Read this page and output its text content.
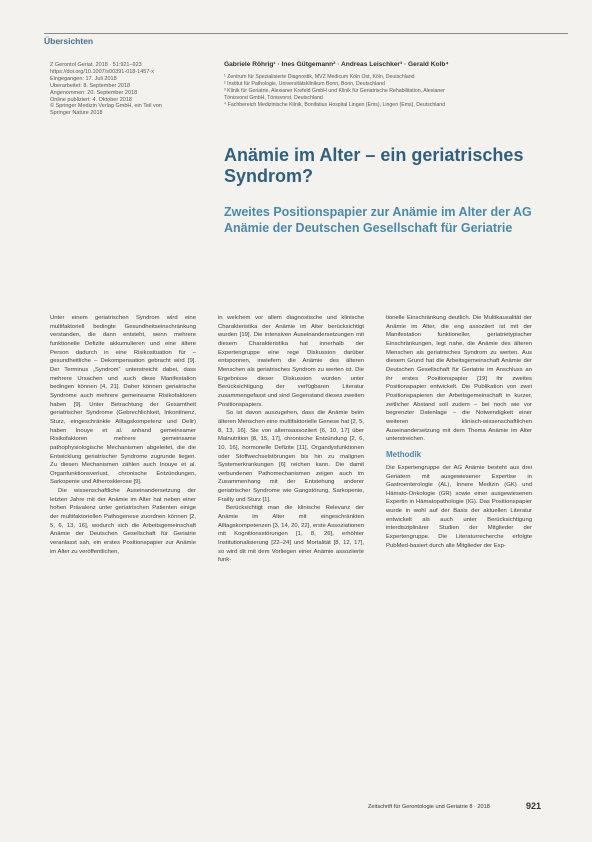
Übersichten
Z Gerontol Geriat. 2018 · 51:921–923
https://doi.org/10.1007/s00391-018-1457-x
Eingegangen: 17. Juli 2018
Überarbeitet: 8. September 2018
Angenommen: 20. September 2018
Online publiziert: 4. Oktober 2018
© Springer Medizin Verlag GmbH, ein Teil von
Springer Nature 2018
Gabriele Röhrig¹ · Ines Gütgemann² · Andreas Leischker³ · Gerald Kolb⁴
¹ Zentrum für Spezialisierte Diagnostik, MVZ Medicum Köln Ost, Köln, Deutschland
² Institut für Pathologie, Universitätsklinikum Bonn, Bonn, Deutschland
³ Klinik für Geriatrie, Alexianer Krefeld GmbH und Klinik für Geriatrische Rehabilitation, Alexianer
Tönisvorst GmbH, Tönisvorst, Deutschland
⁴ Fachbereich Medizinische Klinik, Bonifatius Hospital Lingen (Ems), Lingen (Ems), Deutschland
Anämie im Alter – ein geriatrisches Syndrom?
Zweites Positionspapier zur Anämie im Alter der AG Anämie der Deutschen Gesellschaft für Geriatrie

Unter einem geriatrischen Syndrom wird eine multifaktoriell bedingte Gesundheitseinschränkung verstanden, die dann entsteht, wenn mehrere funktionelle Defizite akkumulieren und eine ältere Person dadurch in eine Risikosituation für – gesundheitliche – Dekompensation gebracht wird [9]. Der Terminus „Syndrom“ unterstreicht dabei, dass mehrere Ursachen und auch diese Manifestation bedingen können [4, 21]. Daher können geriatrische Syndrome auch mehrere gemeinsame Risikofaktoren haben [9]. Unter Betrachtung der Gesamtheit geriatrischer Syndrome (Gebrechlichkeit, Inkontinenz, Sturz, eingeschränkte Alltagskompetenz und Delir) haben Inouye et al. anhand gemeinsamer Risikofaktoren mehrere gemeinsame pathophysiologische Mechanismen abgeleitet, die die Entwicklung geriatrischer Syndrome zugrunde liegen. Zu diesen Mechanismen zählen auch Inouye et al. Organfunktionsverlust, chronische Entzündungen, Sarkopenie und Atherosklerose [9].

Die wissenschaftliche Auseinandersetzung der letzten Jahre mit der Anämie im Alter hat neben einer hohen Prävalenz unter geriatrischen Patienten einige der multifaktoriellen Pathogenese zuordnen können [2, 5, 6, 13, 16], wodurch sich die Arbeitsgemeinschaft Anämie der Deutschen Gesellschaft für Geriatrie veranlasst sah, ein erstes Positionspapier zur Anämie im Alter zu veröffentlichen,

in welchem vor allem diagnostische und klinische Charakteristika der Anämie im Alter berücksichtigt wurden [19]. Die intensiven Auseinandersetzungen mit diesem Charakteristika hat innerhalb der Expertengruppe eine rege Diskussion darüber entsponnen, inwiefern die Anämie des älteren Menschen als geriatrisches Syndrom zu werten ist. Die Ergebnisse dieser Diskussion wurden unter Berücksichtigung der verfügbaren Literatur zusammengefasst und sind Gegenstand dieses zweiten Positionspapiers.

So ist davon auszugehen, dass die Anämie beim älteren Menschen eine multifaktorielle Genese hat [2, 5, 8, 13, 16]. Sie von alternsassoziiert [6, 10, 17] über Malnutrition [8, 15, 17], chronische Entzündung [2, 6, 10, 16], hormonelle Defizite [11], Organdysfunktionen oder Stoffwechselstörungen bis hin zu malignen Systemerkrankungen [6] reichen kann. Die damit verbundenen Pathomechanismen zeigen auch im Zusammenhang mit der Entstehung anderer geriatrischer Syndrome wie Gangstörung, Sarkopenie, Frailty und Sturz [1].

Berücksichtigt man die klinische Relevanz der Anämie im Alter mit eingeschränkten Alltagskompetenzen [3, 14, 20, 22], erste Assoziationen mit Kognitionsstörungen [1, 8, 26], erhöhter Institutionalisierung [22–24] und Mortalität [8, 12, 17], so wird dit mit dem Vorliegen einer Anämie assoziierte funk-

tionelle Einschränkung deutlich. Die Multikausalität der Anämie im Alter, die eng assoziiert ist mit der Manifestation funktioneller, geriatrietypischer Einschränkungen, legt nahe, die Anämie des älteren Menschen als geriatrisches Syndrom zu werten. Aus diesem Grund hat die Arbeitsgemeinschaft Anämie der Deutschen Gesellschaft für Geriatrie im Anschluss an ihr erstes Positionspapier [19] ihr zweites Positionspapier entwickelt. Die Publikation von zwei Positionspapieren der Arbeitsgemeinschaft in kurzer, zeitlicher Abstand soll zudem – bei noch wie vor begrenzter Datenlage – die Notwendigkeit einer weiteren klinisch-wissenschaftlichen Auseinandersetzung mit dem Thema Anämie im Alter unterstreichen.

Methodik

Die Expertengruppe der AG Anämie besteht aus drei Geriatern mit ausgewiesener Expertise in Gastroenterologie (AL), Innere Medizin (GK) und Hämato-Onkologie (GR) sowie einer ausgewiesenen Expertin in Hämatopathologie (IG). Das Positionspapier wurde in wohl auf der Basis der aktuellen Literatur entwickelt als auch unter Berücksichtigung interdisziplinärer Studien der Mitglieder der Expertengruppe. Die Literaturrecherche erfolgte PubMed-basiert durch alle Mitglieder der Exp-

Zeitschrift für Gerontologie und Geriatrie 8 · 2018	921
